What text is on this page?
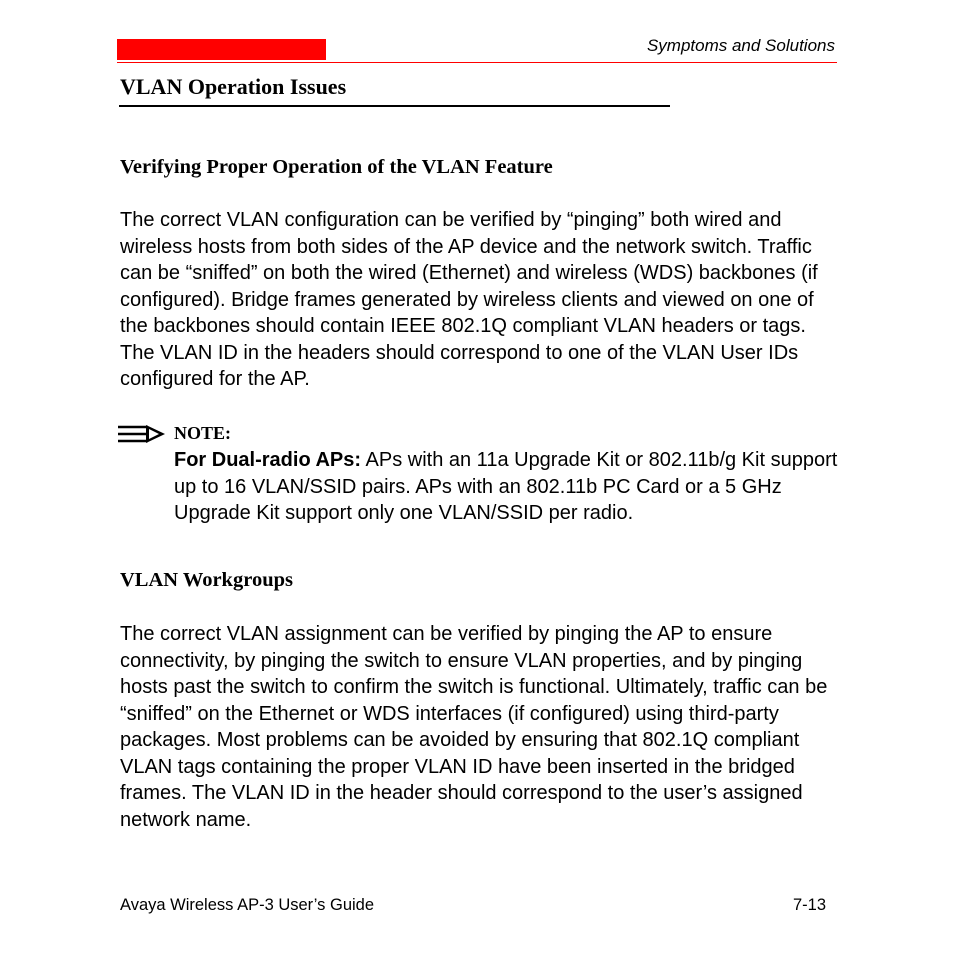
Symptoms and Solutions
VLAN Operation Issues
Verifying Proper Operation of the VLAN Feature
The correct VLAN configuration can be verified by “pinging” both wired and wireless hosts from both sides of the AP device and the network switch. Traffic can be “sniffed” on both the wired (Ethernet) and wireless (WDS) backbones (if configured). Bridge frames generated by wireless clients and viewed on one of the backbones should contain IEEE 802.1Q compliant VLAN headers or tags. The VLAN ID in the headers should correspond to one of the VLAN User IDs configured for the AP.
NOTE:
For Dual-radio APs: APs with an 11a Upgrade Kit or 802.11b/g Kit support up to 16 VLAN/SSID pairs. APs with an 802.11b PC Card or a 5 GHz Upgrade Kit support only one VLAN/SSID per radio.
VLAN Workgroups
The correct VLAN assignment can be verified by pinging the AP to ensure connectivity, by pinging the switch to ensure VLAN properties, and by pinging hosts past the switch to confirm the switch is functional. Ultimately, traffic can be “sniffed” on the Ethernet or WDS interfaces (if configured) using third-party packages. Most problems can be avoided by ensuring that 802.1Q compliant VLAN tags containing the proper VLAN ID have been inserted in the bridged frames. The VLAN ID in the header should correspond to the user’s assigned network name.
Avaya Wireless AP-3 User’s Guide	7-13
